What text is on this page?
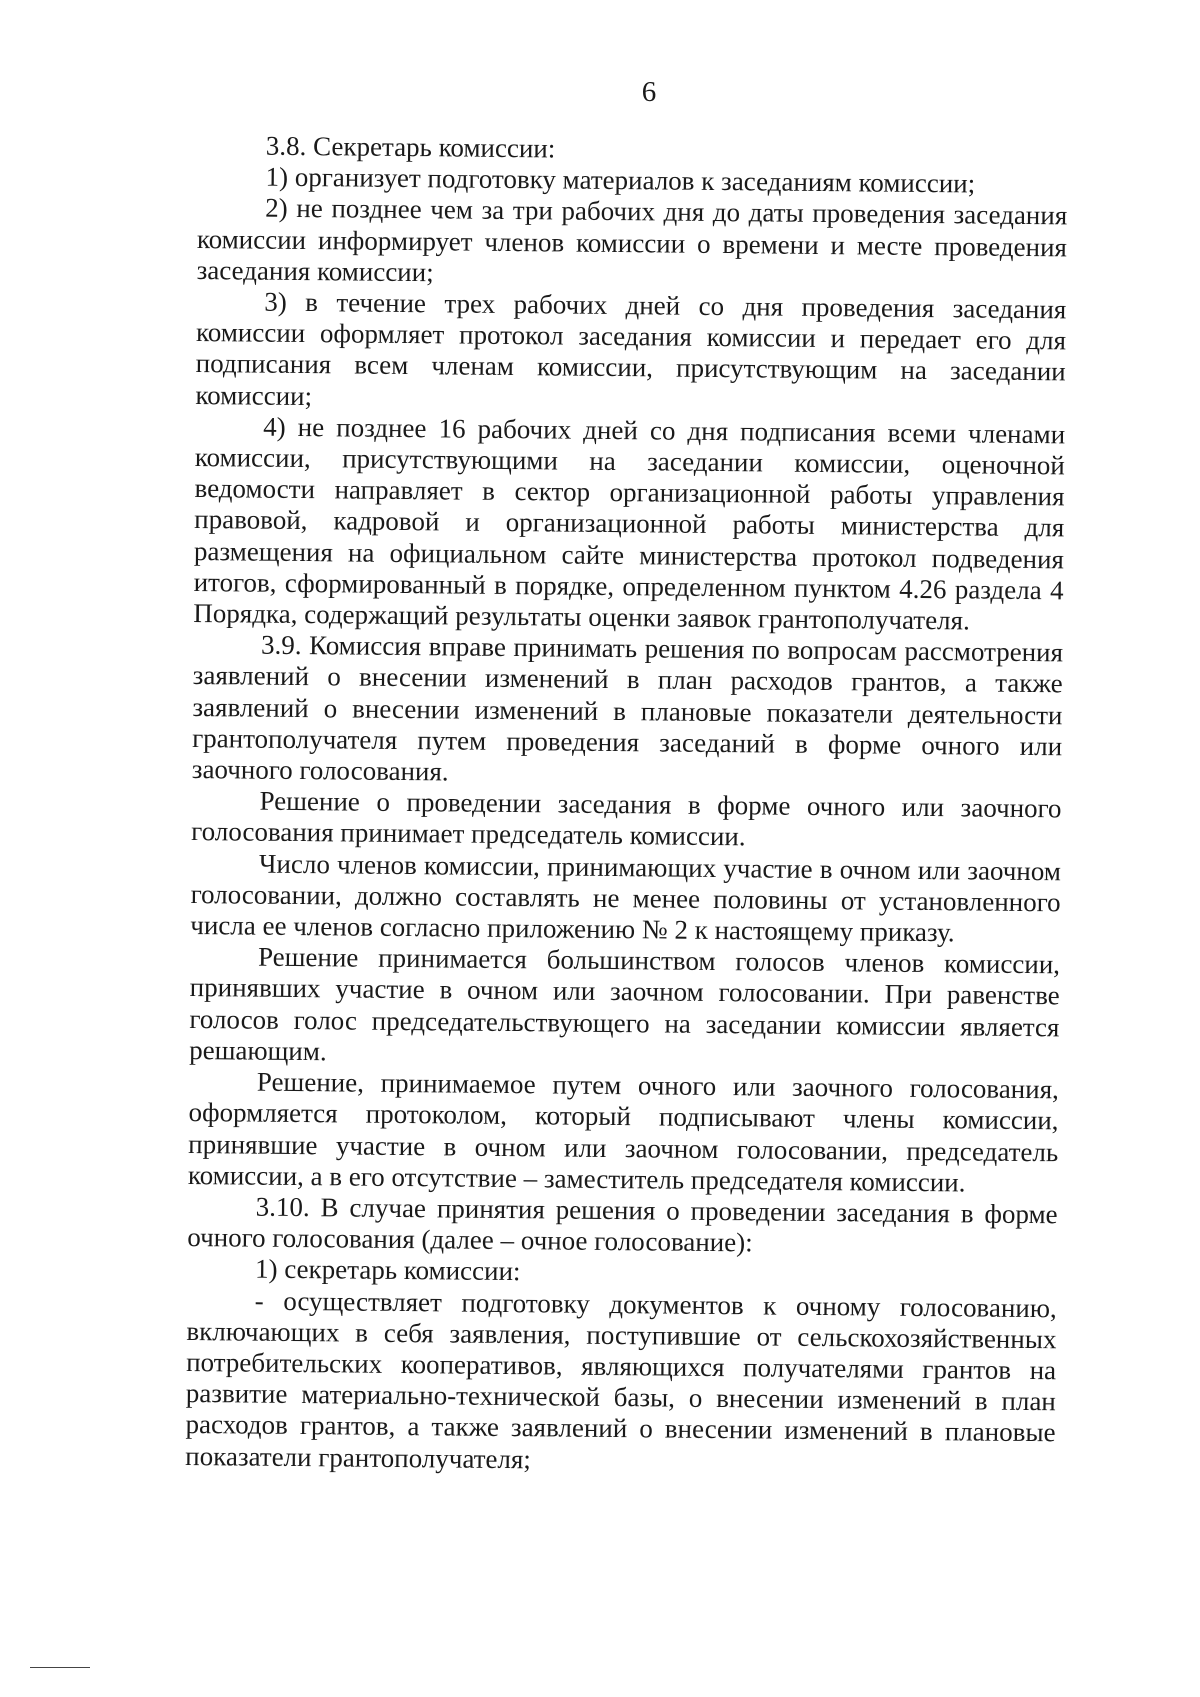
6

3.8. Секретарь комиссии:

1) организует подготовку материалов к заседаниям комиссии;

2) не позднее чем за три рабочих дня до даты проведения заседания комиссии информирует членов комиссии о времени и месте проведения заседания комиссии;

3) в течение трех рабочих дней со дня проведения заседания комиссии оформляет протокол заседания комиссии и передает его для подписания всем членам комиссии, присутствующим на заседании комиссии;

4) не позднее 16 рабочих дней со дня подписания всеми членами комиссии, присутствующими на заседании комиссии, оценочной ведомости направляет в сектор организационной работы управления правовой, кадровой и организационной работы министерства для размещения на официальном сайте министерства протокол подведения итогов, сформированный в порядке, определенном пунктом 4.26 раздела 4 Порядка, содержащий результаты оценки заявок грантополучателя.

3.9. Комиссия вправе принимать решения по вопросам рассмотрения заявлений о внесении изменений в план расходов грантов, а также заявлений о внесении изменений в плановые показатели деятельности грантополучателя путем проведения заседаний в форме очного или заочного голосования.

Решение о проведении заседания в форме очного или заочного голосования принимает председатель комиссии.

Число членов комиссии, принимающих участие в очном или заочном голосовании, должно составлять не менее половины от установленного числа ее членов согласно приложению № 2 к настоящему приказу.

Решение принимается большинством голосов членов комиссии, принявших участие в очном или заочном голосовании. При равенстве голосов голос председательствующего на заседании комиссии является решающим.

Решение, принимаемое путем очного или заочного голосования, оформляется протоколом, который подписывают члены комиссии, принявшие участие в очном или заочном голосовании, председатель комиссии, а в его отсутствие – заместитель председателя комиссии.

3.10. В случае принятия решения о проведении заседания в форме очного голосования (далее – очное голосование):

1) секретарь комиссии:

- осуществляет подготовку документов к очному голосованию, включающих в себя заявления, поступившие от сельскохозяйственных потребительских кооперативов, являющихся получателями грантов на развитие материально-технической базы, о внесении изменений в план расходов грантов, а также заявлений о внесении изменений в плановые показатели грантополучателя;
